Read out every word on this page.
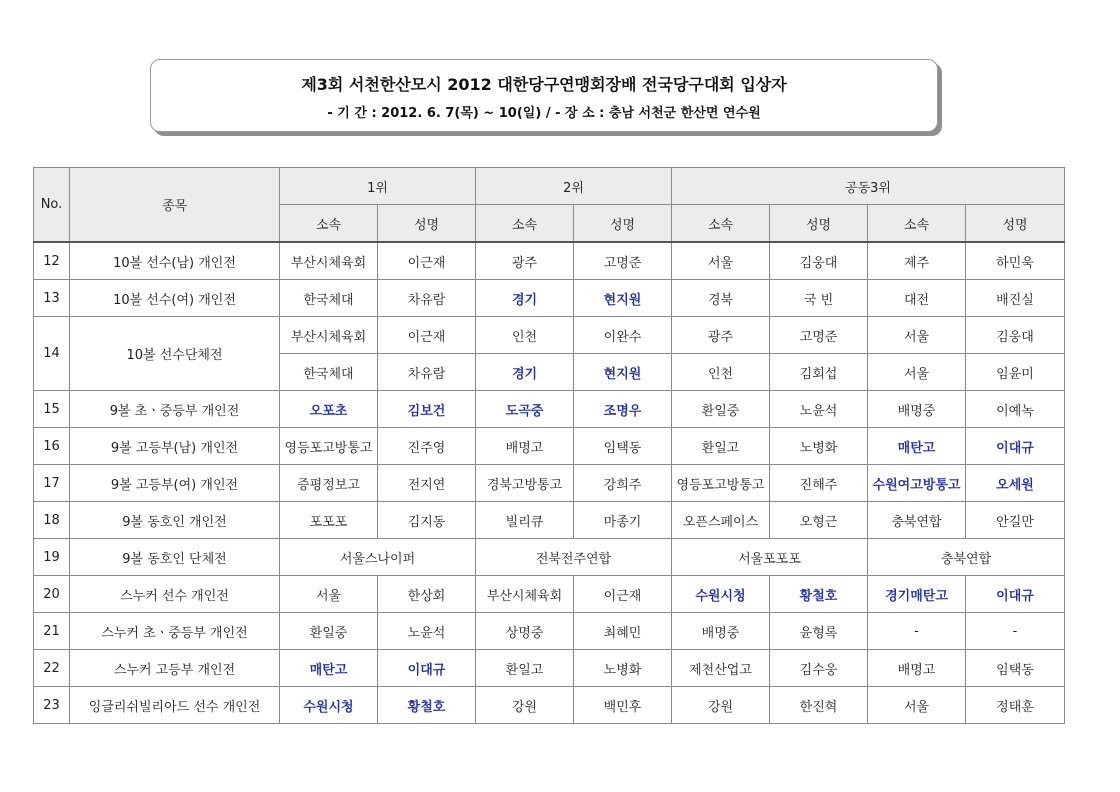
제3회 서천한산모시 2012 대한당구연맹회장배 전국당구대회 입상자
- 기 간 : 2012. 6. 7(목) ~ 10(일) / - 장 소 : 충남 서천군 한산면 연수원
No.	종목	1위		2위		공동3위			
		소속	성명	소속	성명	소속	성명	소속	성명
12	10볼 선수(남) 개인전	부산시체육회	이근재	광주	고명준	서울	김웅대	제주	하민욱
13	10볼 선수(여) 개인전	한국체대	차유람	경기	현지원	경북	국 빈	대전	배진실
14	10볼 선수단체전	부산시체육회	이근재	인천	이완수	광주	고명준	서울	김웅대
		한국체대	차유람	경기	현지원	인천	김회섭	서울	임윤미
15	9볼 초ㆍ중등부 개인전	오포초	김보건	도곡중	조명우	환일중	노윤석	배명중	이예녹
16	9볼 고등부(남) 개인전	영등포고방통고	진주영	배명고	임택동	환일고	노병화	매탄고	이대규
17	9볼 고등부(여) 개인전	증평정보고	전지연	경북고방통고	강희주	영등포고방통고	진해주	수원여고방통고	오세원
18	9볼 동호인 개인전	포포포	김지동	빌리큐	마종기	오픈스페이스	오형근	충북연합	안길만
19	9볼 동호인 단체전	서울스나이퍼		전북전주연합		서울포포포		충북연합	
20	스누커 선수 개인전	서울	한상회	부산시체육회	이근재	수원시청	황철호	경기매탄고	이대규
21	스누커 초ㆍ중등부 개인전	환일중	노윤석	상명중	최혜민	배명중	윤형록	-	-
22	스누커 고등부 개인전	매탄고	이대규	환일고	노병화	제천산업고	김수웅	배명고	임택동
23	잉글리쉬빌리아드 선수 개인전	수원시청	황철호	강원	백민후	강원	한진혁	서울	정태훈
